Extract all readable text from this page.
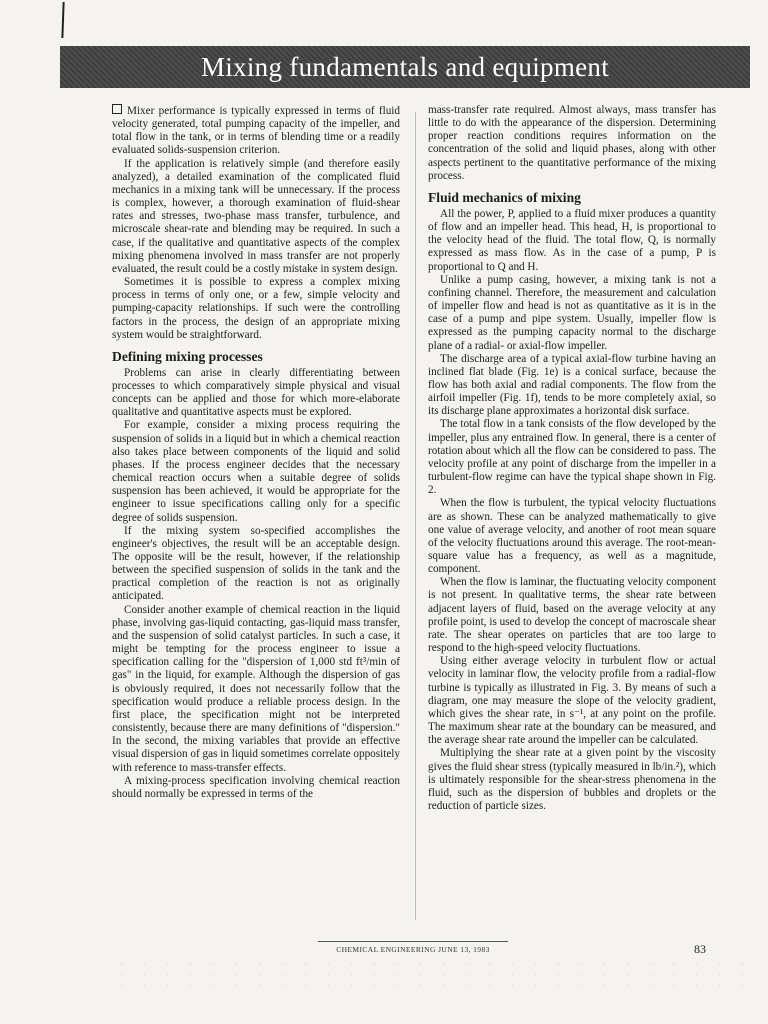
Mixing fundamentals and equipment

Mixer performance is typically expressed in terms of fluid velocity generated, total pumping capacity of the impeller, and total flow in the tank, or in terms of blending time or a readily evaluated solids-suspension criterion.

If the application is relatively simple (and therefore easily analyzed), a detailed examination of the complicated fluid mechanics in a mixing tank will be unnecessary. If the process is complex, however, a thorough examination of fluid-shear rates and stresses, two-phase mass transfer, turbulence, and microscale shear-rate and blending may be required. In such a case, if the qualitative and quantitative aspects of the complex mixing phenomena involved in mass transfer are not properly evaluated, the result could be a costly mistake in system design.

Sometimes it is possible to express a complex mixing process in terms of only one, or a few, simple velocity and pumping-capacity relationships. If such were the controlling factors in the process, the design of an appropriate mixing system would be straightforward.

Defining mixing processes

Problems can arise in clearly differentiating between processes to which comparatively simple physical and visual concepts can be applied and those for which more-elaborate qualitative and quantitative aspects must be explored.

For example, consider a mixing process requiring the suspension of solids in a liquid but in which a chemical reaction also takes place between components of the liquid and solid phases. If the process engineer decides that the necessary chemical reaction occurs when a suitable degree of solids suspension has been achieved, it would be appropriate for the engineer to issue specifications calling only for a specific degree of solids suspension.

If the mixing system so-specified accomplishes the engineer's objectives, the result will be an acceptable design. The opposite will be the result, however, if the relationship between the specified suspension of solids in the tank and the practical completion of the reaction is not as originally anticipated.

Consider another example of chemical reaction in the liquid phase, involving gas-liquid contacting, gas-liquid mass transfer, and the suspension of solid catalyst particles. In such a case, it might be tempting for the process engineer to issue a specification calling for the "dispersion of 1,000 std ft³/min of gas" in the liquid, for example. Although the dispersion of gas is obviously required, it does not necessarily follow that the specification would produce a reliable process design. In the first place, the specification might not be interpreted consistently, because there are many definitions of "dispersion." In the second, the mixing variables that provide an effective visual dispersion of gas in liquid sometimes correlate oppositely with reference to mass-transfer effects.

A mixing-process specification involving chemical reaction should normally be expressed in terms of the

mass-transfer rate required. Almost always, mass transfer has little to do with the appearance of the dispersion. Determining proper reaction conditions requires information on the concentration of the solid and liquid phases, along with other aspects pertinent to the quantitative performance of the mixing process.

Fluid mechanics of mixing

All the power, P, applied to a fluid mixer produces a quantity of flow and an impeller head. This head, H, is proportional to the velocity head of the fluid. The total flow, Q, is normally expressed as mass flow. As in the case of a pump, P is proportional to Q and H.

Unlike a pump casing, however, a mixing tank is not a confining channel. Therefore, the measurement and calculation of impeller flow and head is not as quantitative as it is in the case of a pump and pipe system. Usually, impeller flow is expressed as the pumping capacity normal to the discharge plane of a radial- or axial-flow impeller.

The discharge area of a typical axial-flow turbine having an inclined flat blade (Fig. 1e) is a conical surface, because the flow has both axial and radial components. The flow from the airfoil impeller (Fig. 1f), tends to be more completely axial, so its discharge plane approximates a horizontal disk surface.

The total flow in a tank consists of the flow developed by the impeller, plus any entrained flow. In general, there is a center of rotation about which all the flow can be considered to pass. The velocity profile at any point of discharge from the impeller in a turbulent-flow regime can have the typical shape shown in Fig. 2.

When the flow is turbulent, the typical velocity fluctuations are as shown. These can be analyzed mathematically to give one value of average velocity, and another of root mean square of the velocity fluctuations around this average. The root-mean-square value has a frequency, as well as a magnitude, component.

When the flow is laminar, the fluctuating velocity component is not present. In qualitative terms, the shear rate between adjacent layers of fluid, based on the average velocity at any profile point, is used to develop the concept of macroscale shear rate. The shear operates on particles that are too large to respond to the high-speed velocity fluctuations.

Using either average velocity in turbulent flow or actual velocity in laminar flow, the velocity profile from a radial-flow turbine is typically as illustrated in Fig. 3. By means of such a diagram, one may measure the slope of the velocity gradient, which gives the shear rate, in s⁻¹, at any point on the profile. The maximum shear rate at the boundary can be measured, and the average shear rate around the impeller can be calculated.

Multiplying the shear rate at a given point by the viscosity gives the fluid shear stress (typically measured in lb/in.²), which is ultimately responsible for the shear-stress phenomena in the fluid, such as the dispersion of bubbles and droplets or the reduction of particle sizes.

CHEMICAL ENGINEERING JUNE 13, 1983	83
